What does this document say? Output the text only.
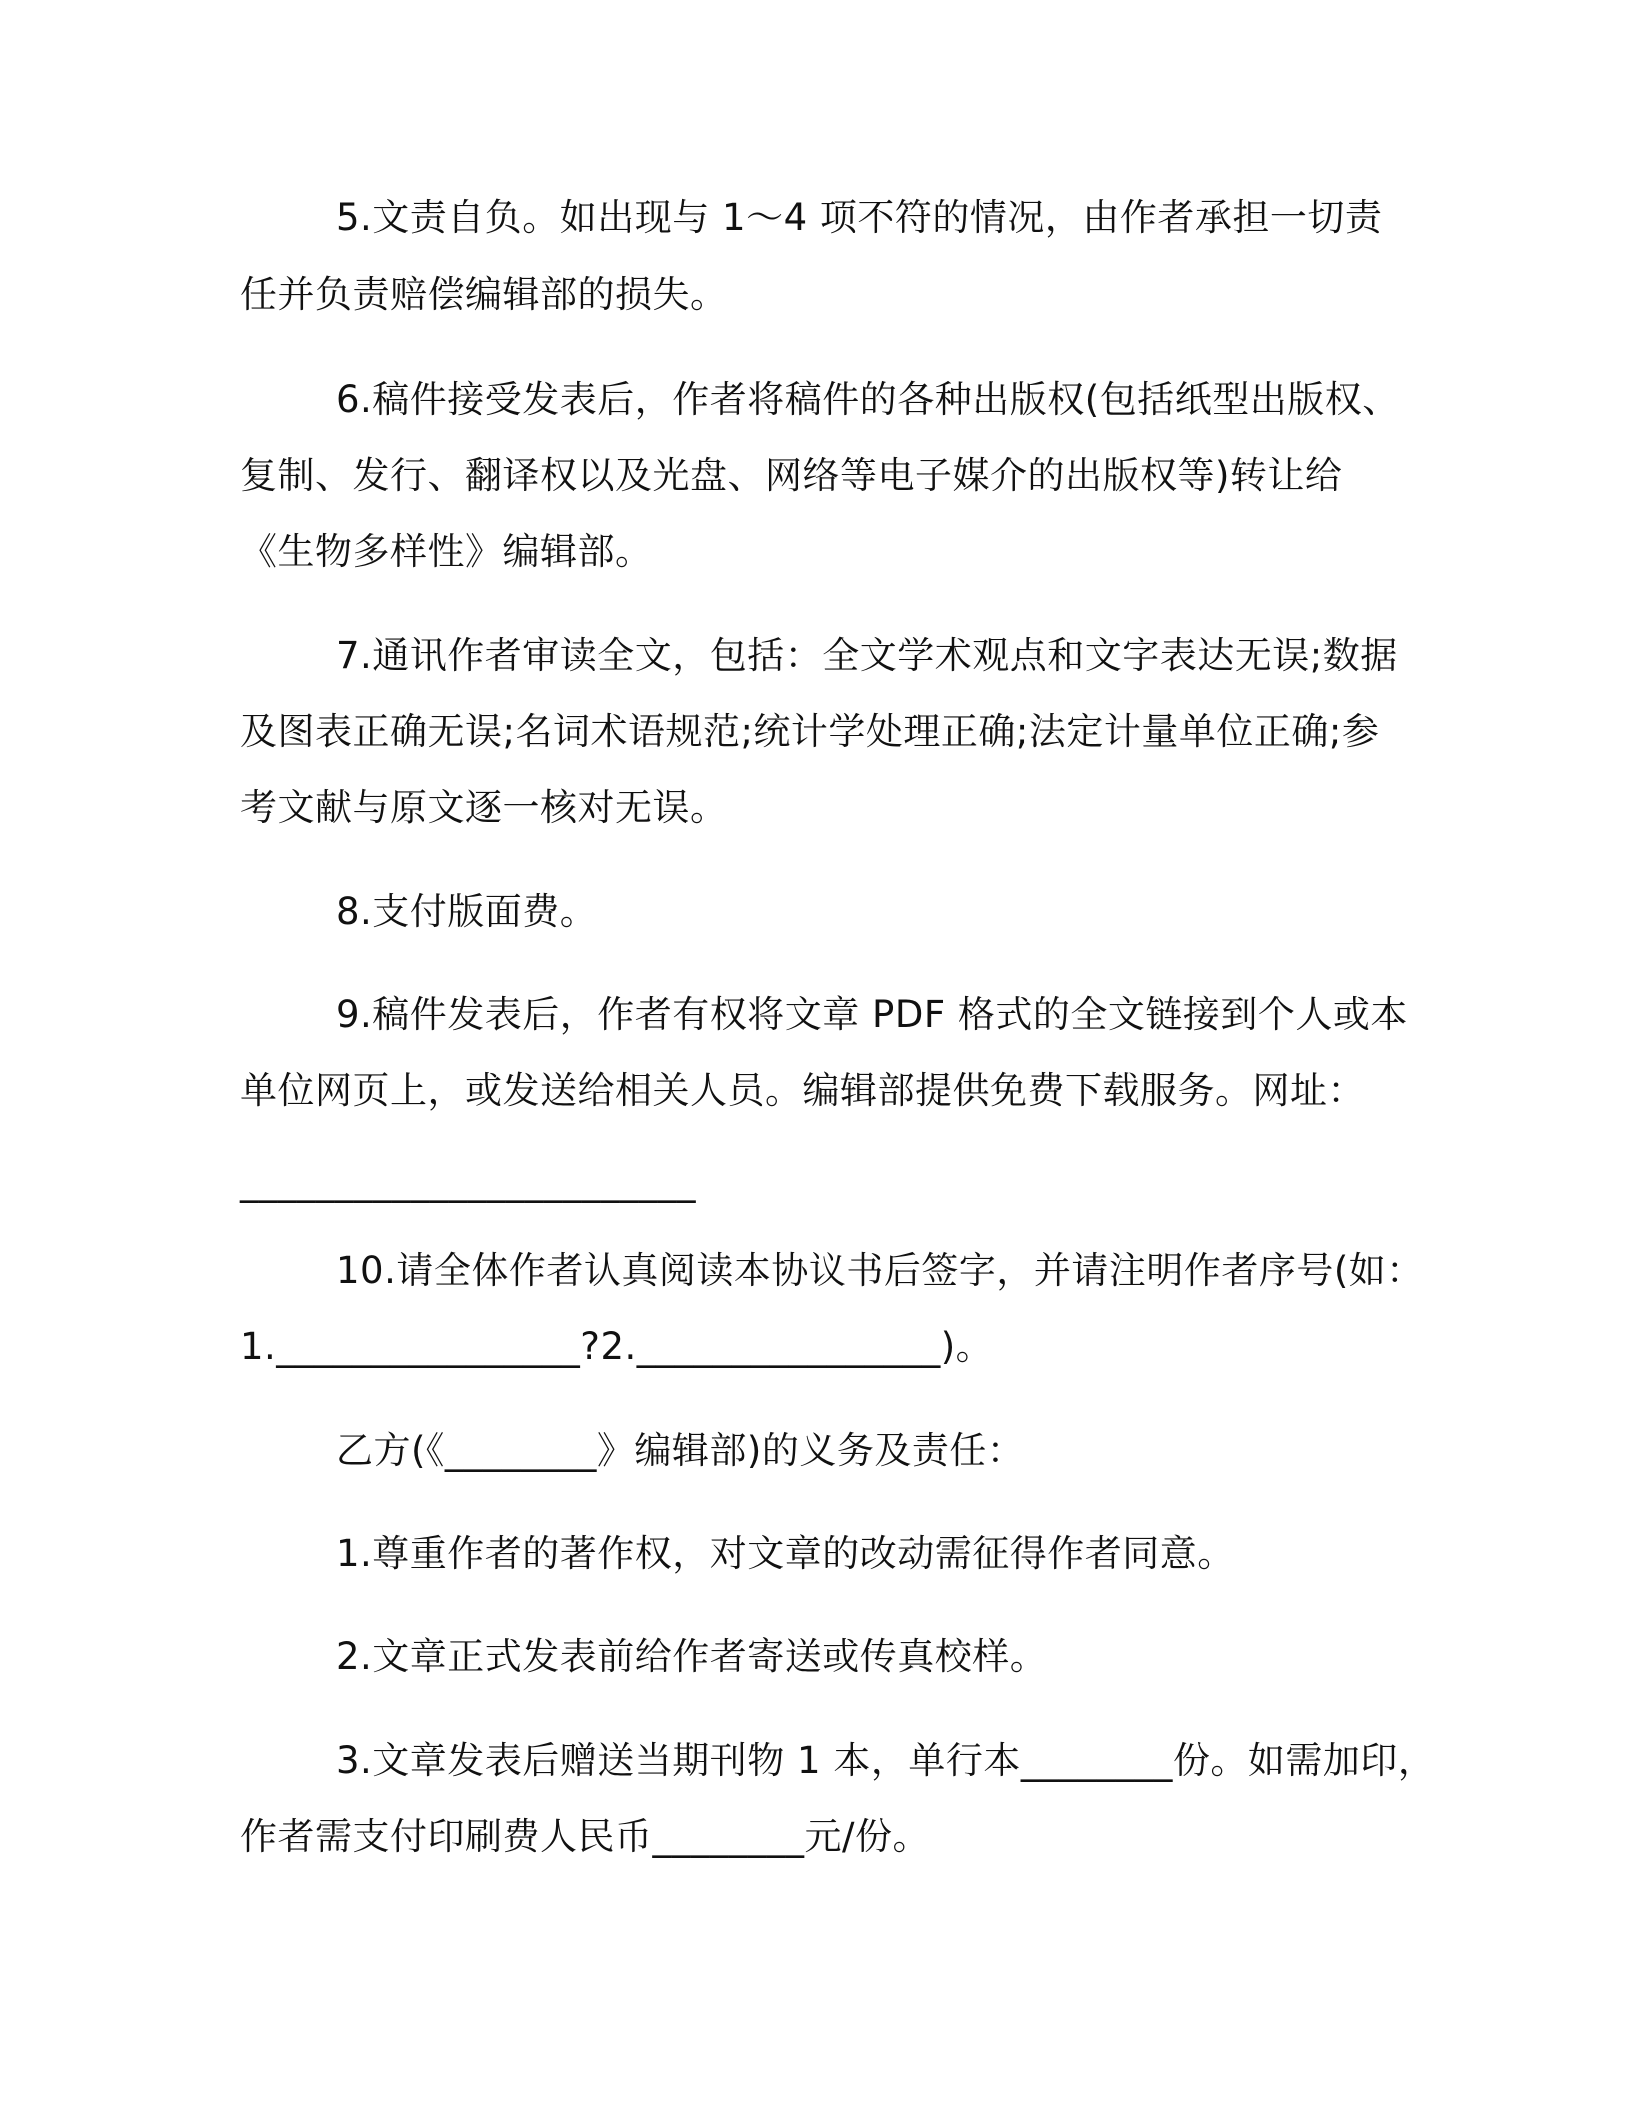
5.文责自负。如出现与 1～4 项不符的情况，由作者承担一切责
任并负责赔偿编辑部的损失。
6.稿件接受发表后，作者将稿件的各种出版权(包括纸型出版权、
复制、发行、翻译权以及光盘、网络等电子媒介的出版权等)转让给
《生物多样性》编辑部。
7.通讯作者审读全文，包括：全文学术观点和文字表达无误;数据
及图表正确无误;名词术语规范;统计学处理正确;法定计量单位正确;参
考文献与原文逐一核对无误。
8.支付版面费。
9.稿件发表后，作者有权将文章 PDF 格式的全文链接到个人或本
单位网页上，或发送给相关人员。编辑部提供免费下载服务。网址：
________________________
10.请全体作者认真阅读本协议书后签字，并请注明作者序号(如：
1.________________?2.________________)。
乙方(《________》编辑部)的义务及责任：
1.尊重作者的著作权，对文章的改动需征得作者同意。
2.文章正式发表前给作者寄送或传真校样。
3.文章发表后赠送当期刊物 1 本，单行本________份。如需加印，
作者需支付印刷费人民币________元/份。
